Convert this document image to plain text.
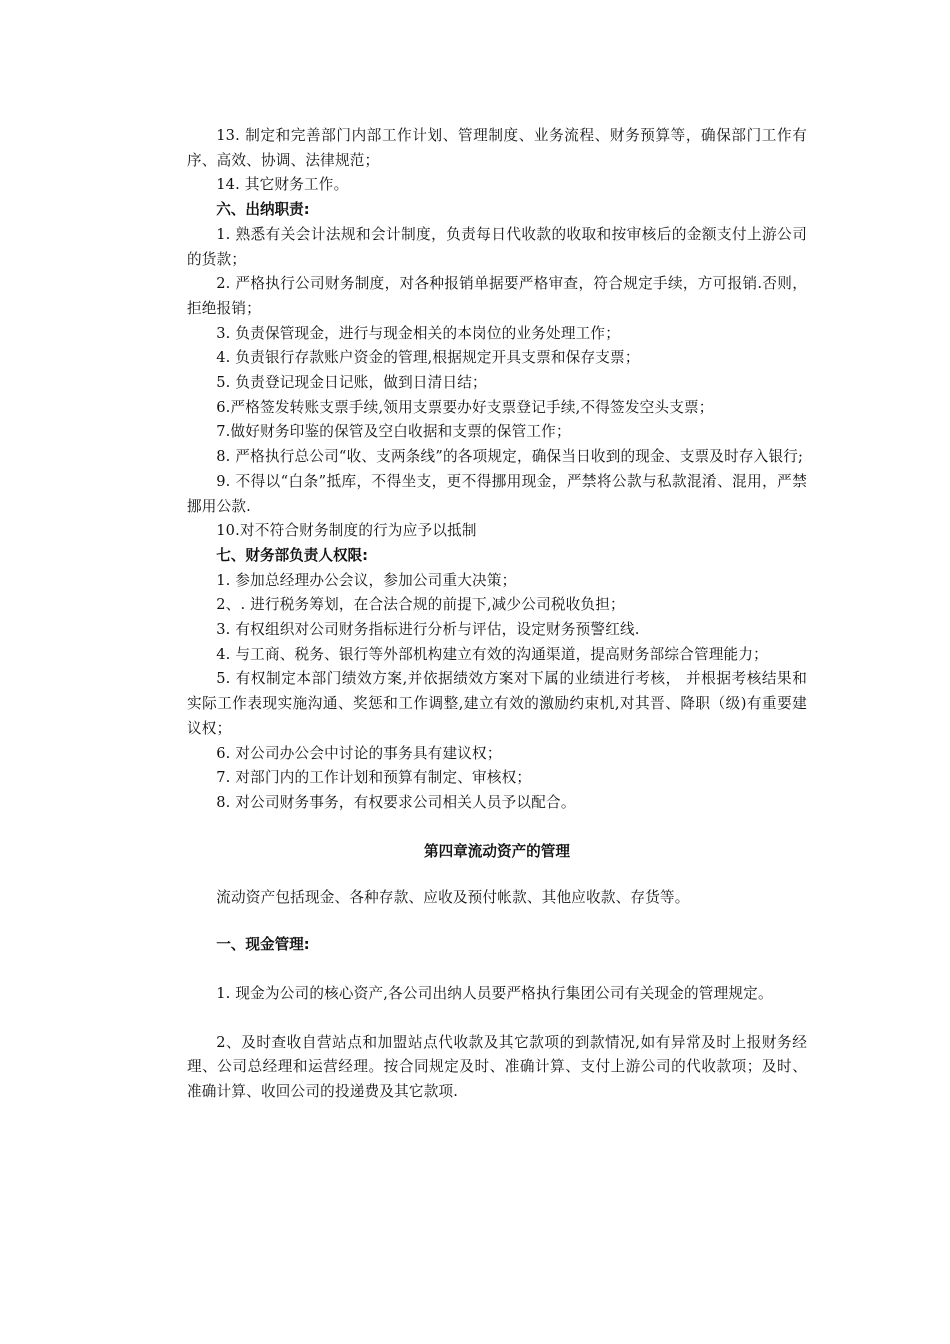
13. 制定和完善部门内部工作计划、管理制度、业务流程、财务预算等，确保部门工作有序、高效、协调、法律规范；

14. 其它财务工作。

六、出纳职责:

1. 熟悉有关会计法规和会计制度，负责每日代收款的收取和按审核后的金额支付上游公司的货款；

2. 严格执行公司财务制度，对各种报销单据要严格审查，符合规定手续，方可报销.否则，拒绝报销；

3. 负责保管现金，进行与现金相关的本岗位的业务处理工作；

4. 负责银行存款账户资金的管理,根据规定开具支票和保存支票；

5. 负责登记现金日记账，做到日清日结；

6.严格签发转账支票手续,领用支票要办好支票登记手续,不得签发空头支票；

7.做好财务印鉴的保管及空白收据和支票的保管工作；

8. 严格执行总公司“收、支两条线”的各项规定，确保当日收到的现金、支票及时存入银行;

9. 不得以“白条”抵库，不得坐支，更不得挪用现金，严禁将公款与私款混淆、混用，严禁挪用公款.

10.对不符合财务制度的行为应予以抵制

七、财务部负责人权限:

1. 参加总经理办公会议，参加公司重大决策；

2、. 进行税务筹划，在合法合规的前提下,减少公司税收负担；

3. 有权组织对公司财务指标进行分析与评估，设定财务预警红线.

4. 与工商、税务、银行等外部机构建立有效的沟通渠道，提高财务部综合管理能力；

5. 有权制定本部门绩效方案,并依据绩效方案对下属的业绩进行考核， 并根据考核结果和实际工作表现实施沟通、奖惩和工作调整,建立有效的激励约束机,对其晋、降职（级)有重要建议权；

6. 对公司办公会中讨论的事务具有建议权；

7. 对部门内的工作计划和预算有制定、审核权；

8. 对公司财务事务，有权要求公司相关人员予以配合。

第四章流动资产的管理

流动资产包括现金、各种存款、应收及预付帐款、其他应收款、存货等。

一、现金管理:

1. 现金为公司的核心资产,各公司出纳人员要严格执行集团公司有关现金的管理规定。

2、及时查收自营站点和加盟站点代收款及其它款项的到款情况,如有异常及时上报财务经理、公司总经理和运营经理。按合同规定及时、准确计算、支付上游公司的代收款项；及时、准确计算、收回公司的投递费及其它款项.
